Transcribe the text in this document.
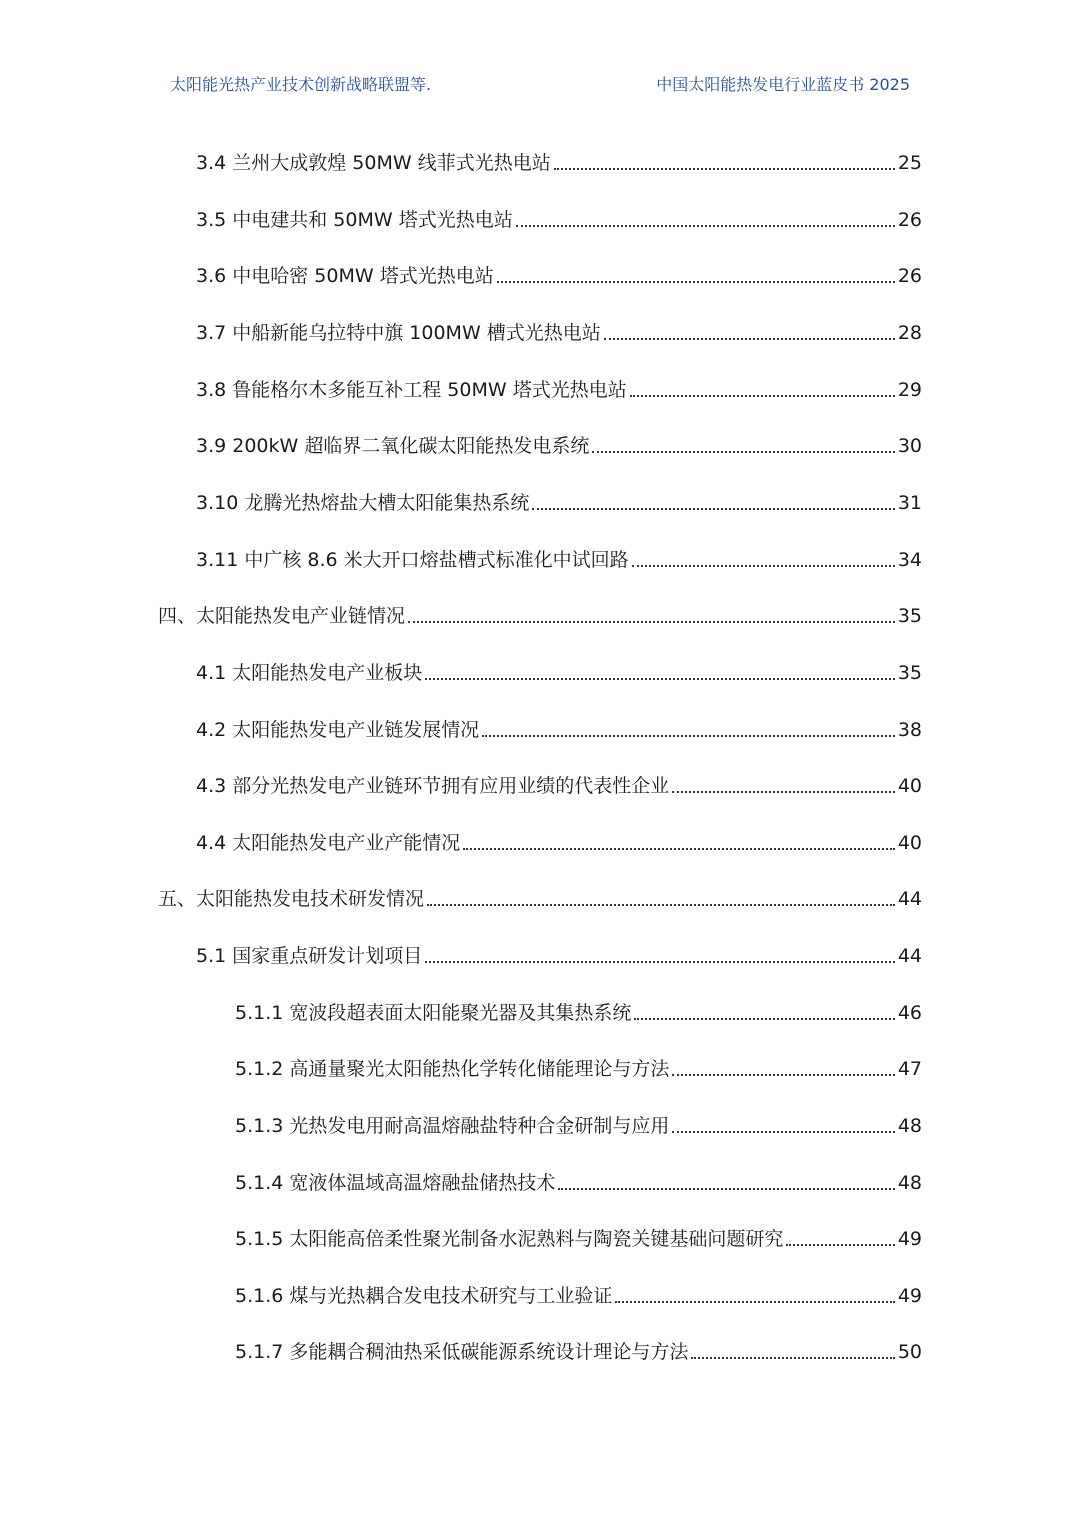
太阳能光热产业技术创新战略联盟等.	中国太阳能热发电行业蓝皮书 2025
3.4 兰州大成敦煌 50MW 线菲式光热电站	25
3.5 中电建共和 50MW 塔式光热电站	26
3.6 中电哈密 50MW 塔式光热电站	26
3.7 中船新能乌拉特中旗 100MW 槽式光热电站	28
3.8 鲁能格尔木多能互补工程 50MW 塔式光热电站	29
3.9 200kW 超临界二氧化碳太阳能热发电系统	30
3.10 龙腾光热熔盐大槽太阳能集热系统	31
3.11 中广核 8.6 米大开口熔盐槽式标准化中试回路	34
四、太阳能热发电产业链情况	35
4.1 太阳能热发电产业板块	35
4.2 太阳能热发电产业链发展情况	38
4.3 部分光热发电产业链环节拥有应用业绩的代表性企业	40
4.4 太阳能热发电产业产能情况	40
五、太阳能热发电技术研发情况	44
5.1 国家重点研发计划项目	44
5.1.1 宽波段超表面太阳能聚光器及其集热系统	46
5.1.2 高通量聚光太阳能热化学转化储能理论与方法	47
5.1.3 光热发电用耐高温熔融盐特种合金研制与应用	48
5.1.4 宽液体温域高温熔融盐储热技术	48
5.1.5 太阳能高倍柔性聚光制备水泥熟料与陶瓷关键基础问题研究	49
5.1.6 煤与光热耦合发电技术研究与工业验证	49
5.1.7 多能耦合稠油热采低碳能源系统设计理论与方法	50
